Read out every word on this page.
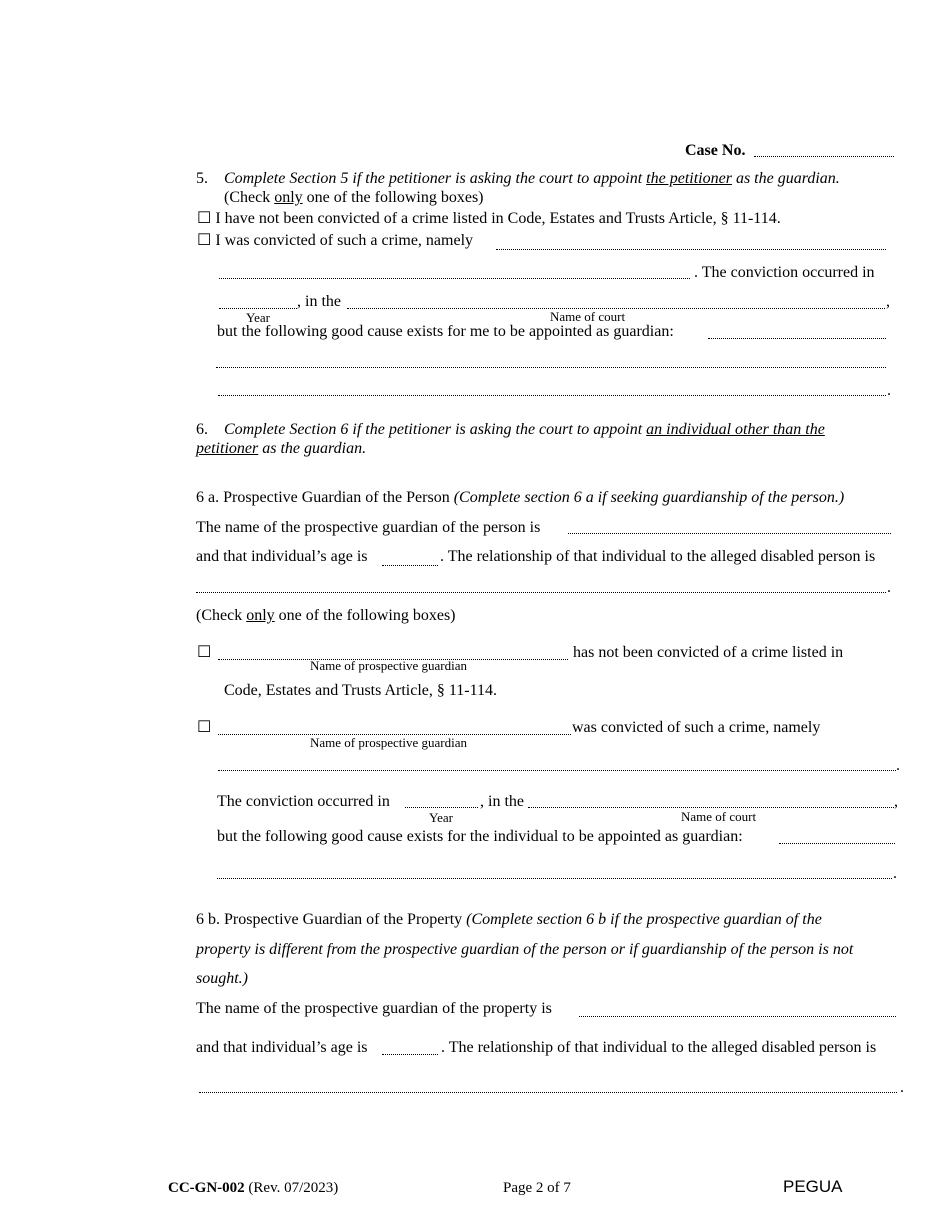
Case No.
5. Complete Section 5 if the petitioner is asking the court to appoint the petitioner as the guardian.
(Check only one of the following boxes)
☐ I have not been convicted of a crime listed in Code, Estates and Trusts Article, § 11-114.
☐ I was convicted of such a crime, namely
. The conviction occurred in
, in the	,
Year	Name of court
but the following good cause exists for me to be appointed as guardian:
.
6. Complete Section 6 if the petitioner is asking the court to appoint an individual other than the
petitioner as the guardian.
6 a. Prospective Guardian of the Person (Complete section 6 a if seeking guardianship of the person.)
The name of the prospective guardian of the person is
and that individual’s age is	. The relationship of that individual to the alleged disabled person is
.
(Check only one of the following boxes)
☐	has not been convicted of a crime listed in
Name of prospective guardian
Code, Estates and Trusts Article, § 11-114.
☐	was convicted of such a crime, namely
Name of prospective guardian
.
The conviction occurred in	, in the	,
Year	Name of court
but the following good cause exists for the individual to be appointed as guardian:
.
6 b. Prospective Guardian of the Property (Complete section 6 b if the prospective guardian of the
property is different from the prospective guardian of the person or if guardianship of the person is not
sought.)
The name of the prospective guardian of the property is
and that individual’s age is	. The relationship of that individual to the alleged disabled person is
.
CC-GN-002 (Rev. 07/2023)	Page 2 of 7	PEGUA
